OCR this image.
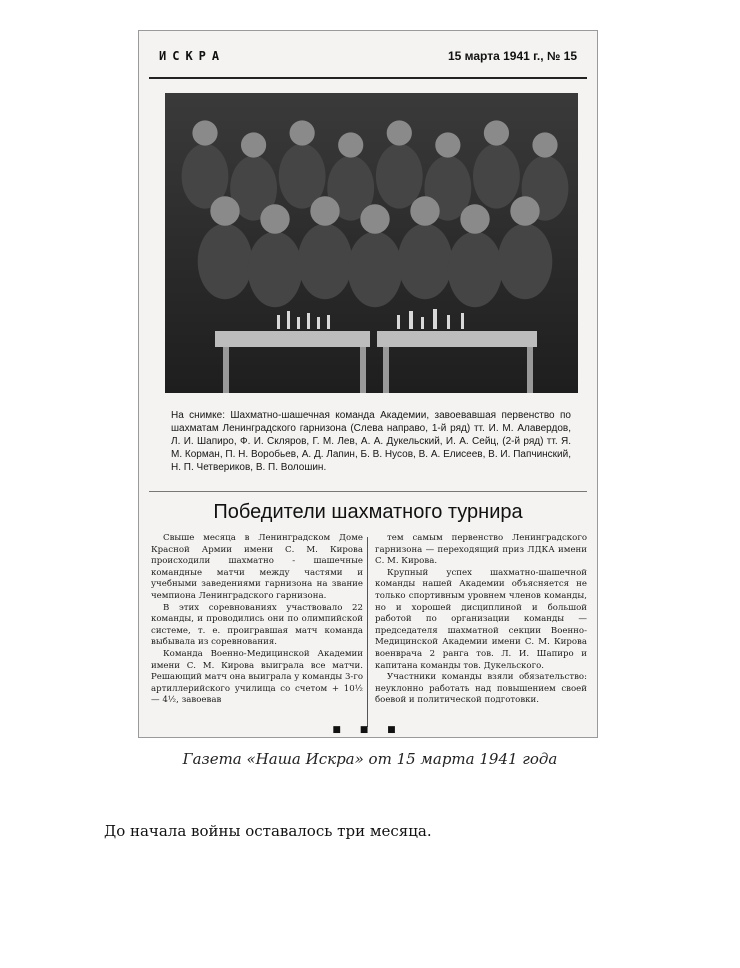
ИСКРА	15 марта 1941 г., № 15
На снимке: Шахматно-шашечная команда Академии, завоевавшая первенство по шахматам Ленинградского гарнизона (Слева направо, 1-й ряд) тт. И. М. Алавердов, Л. И. Шапиро, Ф. И. Скляров, Г. М. Лев, А. А. Дукельский, И. А. Сейц, (2-й ряд) тт. Я. М. Корман, П. Н. Воробьев, А. Д. Лапин, Б. В. Нусов, В. А. Елисеев, В. И. Папчинский, Н. П. Четвериков, В. П. Волошин.
Победители шахматного турнира

Свыше месяца в Ленинградском Доме Красной Армии имени С. М. Кирова происходили шахматно - шашечные командные матчи между частями и учебными заведениями гарнизона на звание чемпиона Ленинградского гарнизона.

В этих соревнованиях участвовало 22 команды, и проводились они по олимпийской системе, т. е. проигравшая матч команда выбывала из соревнования.

Команда Военно-Медицинской Академии имени С. М. Кирова выиграла все матчи. Решающий матч она выиграла у команды 3-го артиллерийского училища со счетом + 10½ — 4½, завоевав

тем самым первенство Ленинградского гарнизона — переходящий приз ЛДКА имени С. М. Кирова.

Крупный успех шахматно-шашечной команды нашей Академии объясняется не только спортивным уровнем членов команды, но и хорошей дисциплиной и большой работой по организации команды — председателя шахматной секции Военно-Медицинской Академии имени С. М. Кирова военврача 2 ранга тов. Л. И. Шапиро и капитана команды тов. Дукельского.

Участники команды взяли обязательство: неуклонно работать над повышением своей боевой и политической подготовки.

■ ■ ■
Газета «Наша Искра» от 15 марта 1941 года
До начала войны оставалось три месяца.
